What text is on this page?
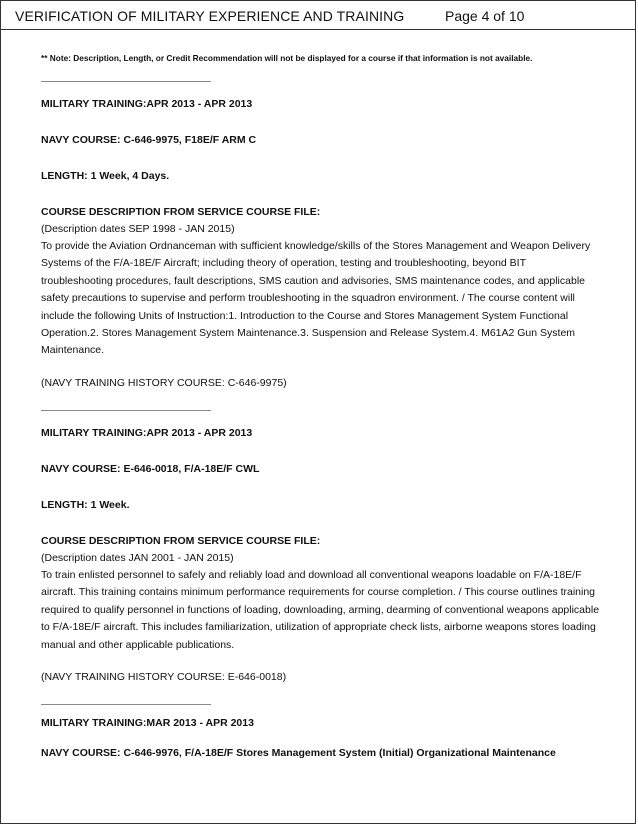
VERIFICATION OF MILITARY EXPERIENCE AND TRAINING	Page 4 of 10
** Note: Description, Length, or Credit Recommendation will not be displayed for a course if that information is not available.
MILITARY TRAINING:APR 2013 - APR 2013
NAVY COURSE: C-646-9975, F18E/F ARM C
LENGTH: 1 Week, 4 Days.
COURSE DESCRIPTION FROM SERVICE COURSE FILE:
(Description dates SEP 1998 - JAN 2015)
To provide the Aviation Ordnanceman with sufficient knowledge/skills of the Stores Management and Weapon Delivery
Systems of the F/A-18E/F Aircraft; including theory of operation, testing and troubleshooting, beyond BIT
troubleshooting procedures, fault descriptions, SMS caution and advisories, SMS maintenance codes, and applicable
safety precautions to supervise and perform troubleshooting in the squadron environment. / The course content will
include the following Units of Instruction:1. Introduction to the Course and Stores Management System Functional
Operation.2. Stores Management System Maintenance.3. Suspension and Release System.4. M61A2 Gun System
Maintenance.
(NAVY TRAINING HISTORY COURSE: C-646-9975)
MILITARY TRAINING:APR 2013 - APR 2013
NAVY COURSE: E-646-0018, F/A-18E/F CWL
LENGTH: 1 Week.
COURSE DESCRIPTION FROM SERVICE COURSE FILE:
(Description dates JAN 2001 - JAN 2015)
To train enlisted personnel to safely and reliably load and download all conventional weapons loadable on F/A-18E/F
aircraft. This training contains minimum performance requirements for course completion. / This course outlines training
required to qualify personnel in functions of loading, downloading, arming, dearming of conventional weapons applicable
to F/A-18E/F aircraft. This includes familiarization, utilization of appropriate check lists, airborne weapons stores loading
manual and other applicable publications.
(NAVY TRAINING HISTORY COURSE: E-646-0018)
MILITARY TRAINING:MAR 2013 - APR 2013
NAVY COURSE: C-646-9976, F/A-18E/F Stores Management System (Initial) Organizational Maintenance
